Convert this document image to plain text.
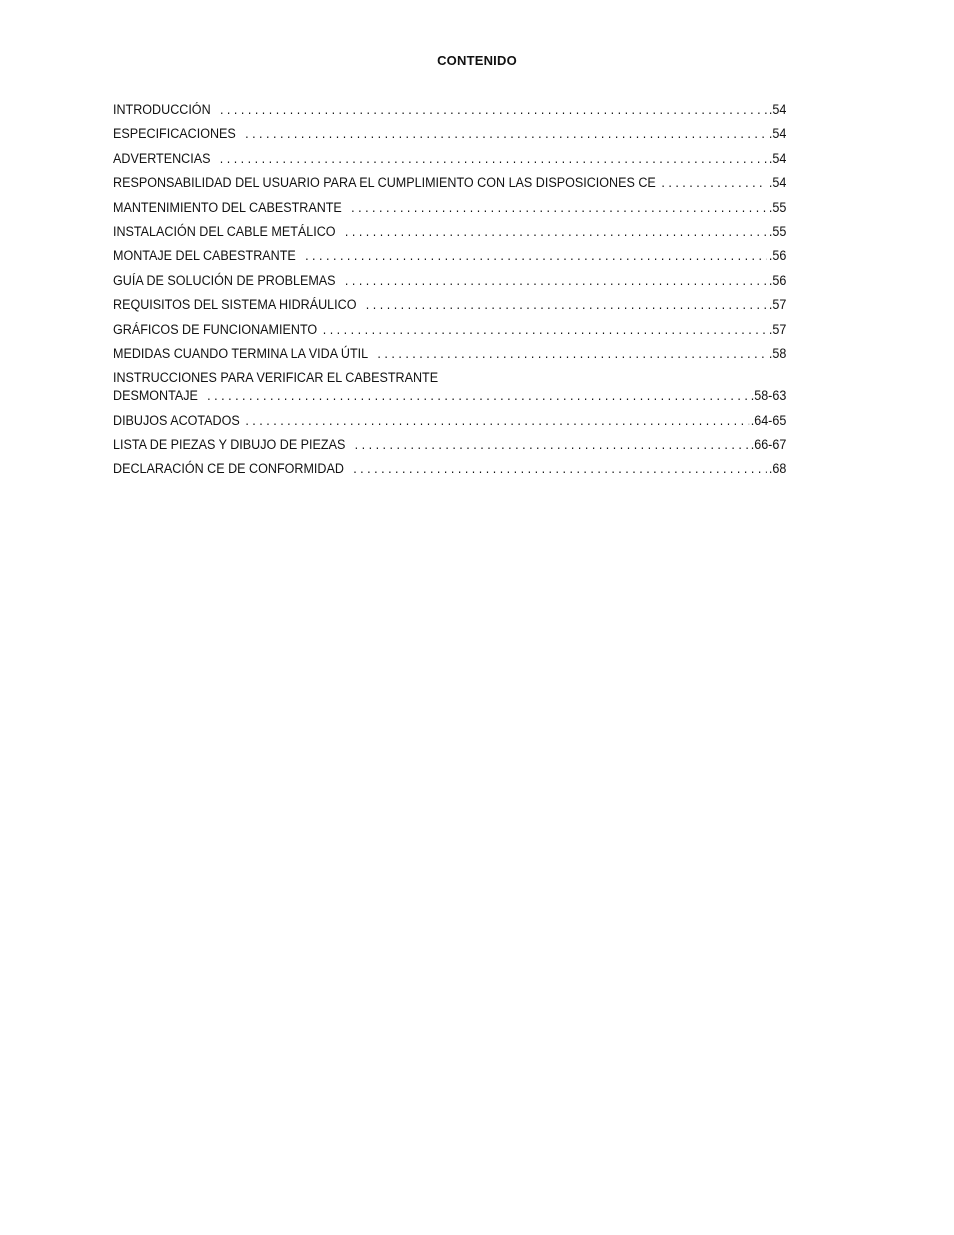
CONTENIDO
INTRODUCCIÓN . . .	.54
ESPECIFICACIONES . . .	.54
ADVERTENCIAS . . .	.54
RESPONSABILIDAD DEL USUARIO PARA EL CUMPLIMIENTO CON LAS DISPOSICIONES CE . . .	.54
MANTENIMIENTO DEL CABESTRANTE . . .	.55
INSTALACIÓN DEL CABLE METÁLICO . . .	.55
MONTAJE DEL CABESTRANTE . . .	.56
GUÍA DE SOLUCIÓN DE PROBLEMAS . . .	.56
REQUISITOS DEL SISTEMA HIDRÁULICO . . .	.57
GRÁFICOS DE FUNCIONAMIENTO . . .	.57
MEDIDAS CUANDO TERMINA LA VIDA ÚTIL . . .	.58
INSTRUCCIONES PARA VERIFICAR EL CABESTRANTE
DESMONTAJE . . .	.58-63
DIBUJOS ACOTADOS . . .	.64-65
LISTA DE PIEZAS Y DIBUJO DE PIEZAS . . .	.66-67
DECLARACIÓN CE DE CONFORMIDAD . . .	.68
